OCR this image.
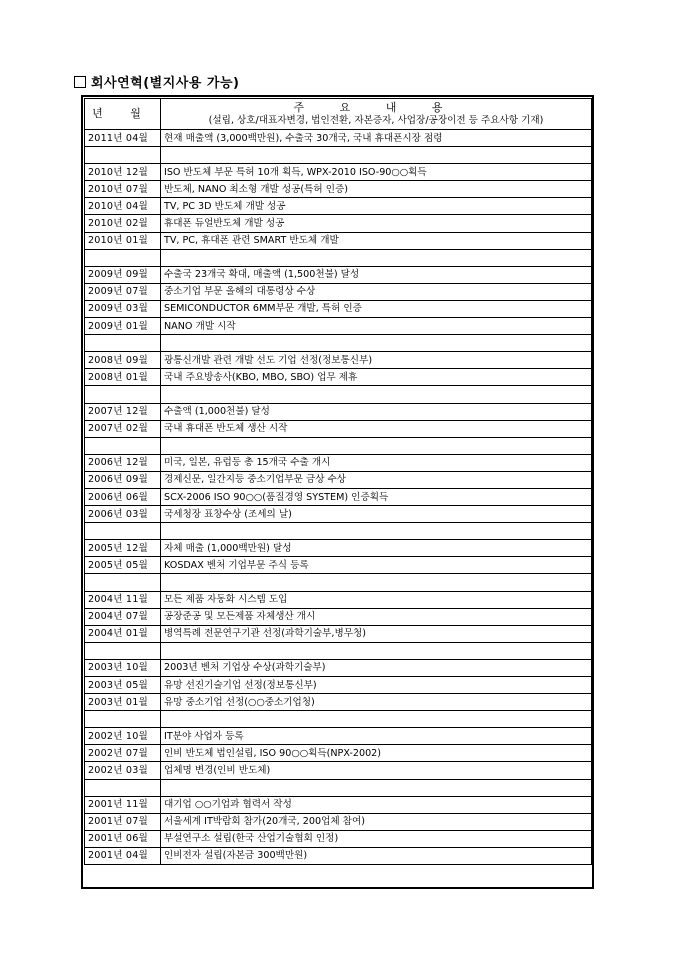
회사연혁(별지사용 가능)
년 월	주 요 내 용
(설립, 상호/대표자변경, 법인전환, 자본증자, 사업장/공장이전 등 주요사항 기재)

2011년 04월	현재 매출액 (3,000백만원), 수출국 30개국, 국내 휴대폰시장 점령

2010년 12월	ISO 반도체 부문 특허 10개 획득, WPX-2010 ISO-90○○획득
2010년 07월	반도체, NANO 최소형 개발 성공(특허 인증)
2010년 04월	TV, PC 3D 반도체 개발 성공
2010년 02월	휴대폰 듀얼반도체 개발 성공
2010년 01월	TV, PC, 휴대폰 관련 SMART 반도체 개발

2009년 09월	수출국 23개국 확대, 매출액 (1,500천불) 달성
2009년 07월	중소기업 부문 올해의 대통령상 수상
2009년 03월	SEMICONDUCTOR 6MM부문 개발, 특허 인증
2009년 01월	NANO 개발 시작

2008년 09월	광통신개발 관련 개발 선도 기업 선정(정보통신부)
2008년 01월	국내 주요방송사(KBO, MBO, SBO) 업무 제휴

2007년 12월	수출액 (1,000천불) 달성
2007년 02월	국내 휴대폰 반도체 생산 시작

2006년 12월	미국, 일본, 유럽등 총 15개국 수출 개시
2006년 09월	경제신문, 일간지등 중소기업부문 금상 수상
2006년 06월	SCX-2006 ISO 90○○(품질경영 SYSTEM) 인증획득
2006년 03월	국세청장 표창수상 (조세의 날)

2005년 12월	자체 매출 (1,000백만원) 달성
2005년 05월	KOSDAX 벤처 기업부문 주식 등록

2004년 11월	모든 제품 자동화 시스템 도입
2004년 07월	공장준공 및 모든제품 자체생산 개시
2004년 01월	병역특례 전문연구기관 선정(과학기술부,병무청)

2003년 10월	2003년 벤처 기업상 수상(과학기술부)
2003년 05월	유망 선진기술기업 선정(정보통신부)
2003년 01월	유망 중소기업 선정(○○중소기업청)

2002년 10월	IT분야 사업자 등록
2002년 07월	인비 반도체 법인설립, ISO 90○○획득(NPX-2002)
2002년 03월	업체명 변경(인비 반도체)

2001년 11월	대기업 ○○기업과 협력서 작성
2001년 07월	서울세계 IT박람회 참가(20개국, 200업체 참여)
2001년 06월	부설연구소 설립(한국 산업기술협회 인정)
2001년 04월	인비전자 설립(자본금 300백만원)
